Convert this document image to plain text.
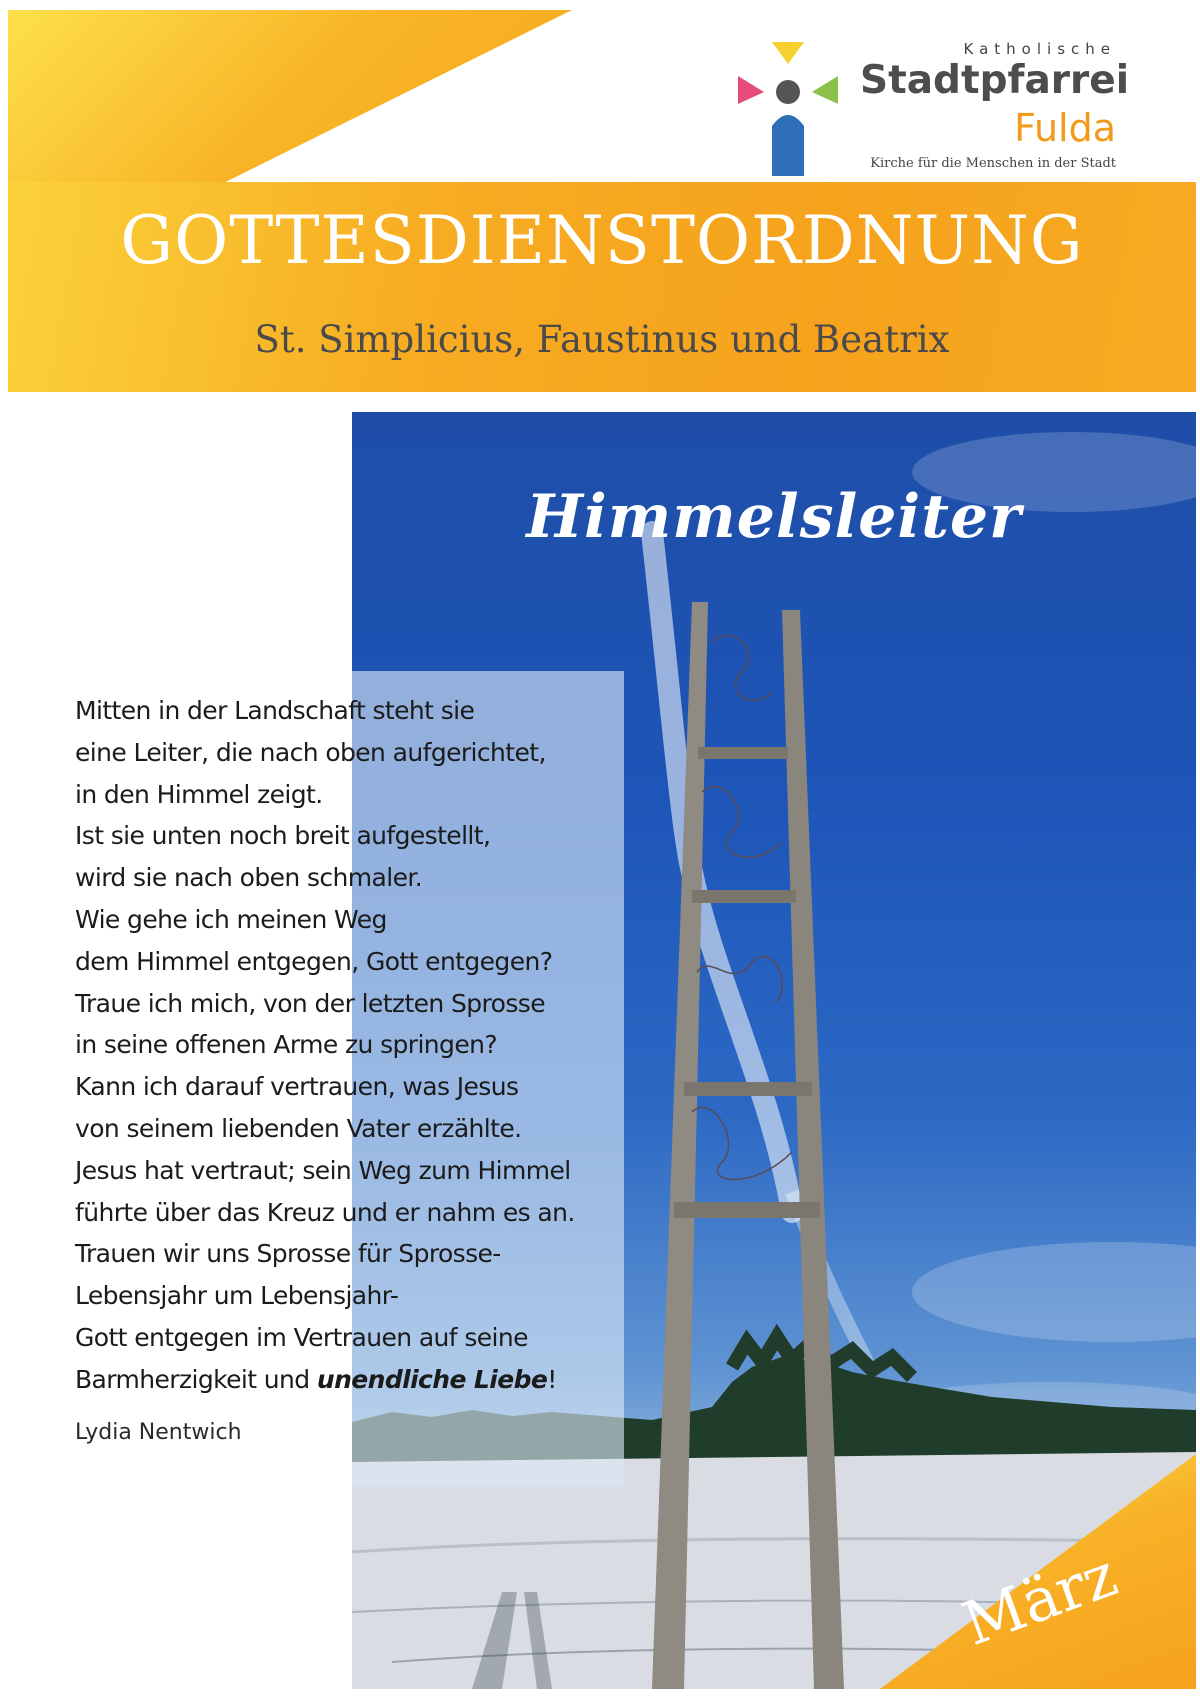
Katholische
Stadtpfarrei
Fulda
Kirche für die Menschen in der Stadt
GOTTESDIENSTORDNUNG
St. Simplicius, Faustinus und Beatrix
Himmelsleiter
Mitten in der Landschaft steht sie
eine Leiter, die nach oben aufgerichtet,
in den Himmel zeigt.
Ist sie unten noch breit aufgestellt,
wird sie nach oben schmaler.
Wie gehe ich meinen Weg
dem Himmel entgegen, Gott entgegen?
Traue ich mich, von der letzten Sprosse
in seine offenen Arme zu springen?
Kann ich darauf vertrauen, was Jesus
von seinem liebenden Vater erzählte.
Jesus hat vertraut; sein Weg zum Himmel
führte über das Kreuz und er nahm es an.
Trauen wir uns Sprosse für Sprosse-
Lebensjahr um Lebensjahr-
Gott entgegen im Vertrauen auf seine
Barmherzigkeit und unendliche Liebe!
Lydia Nentwich
März
